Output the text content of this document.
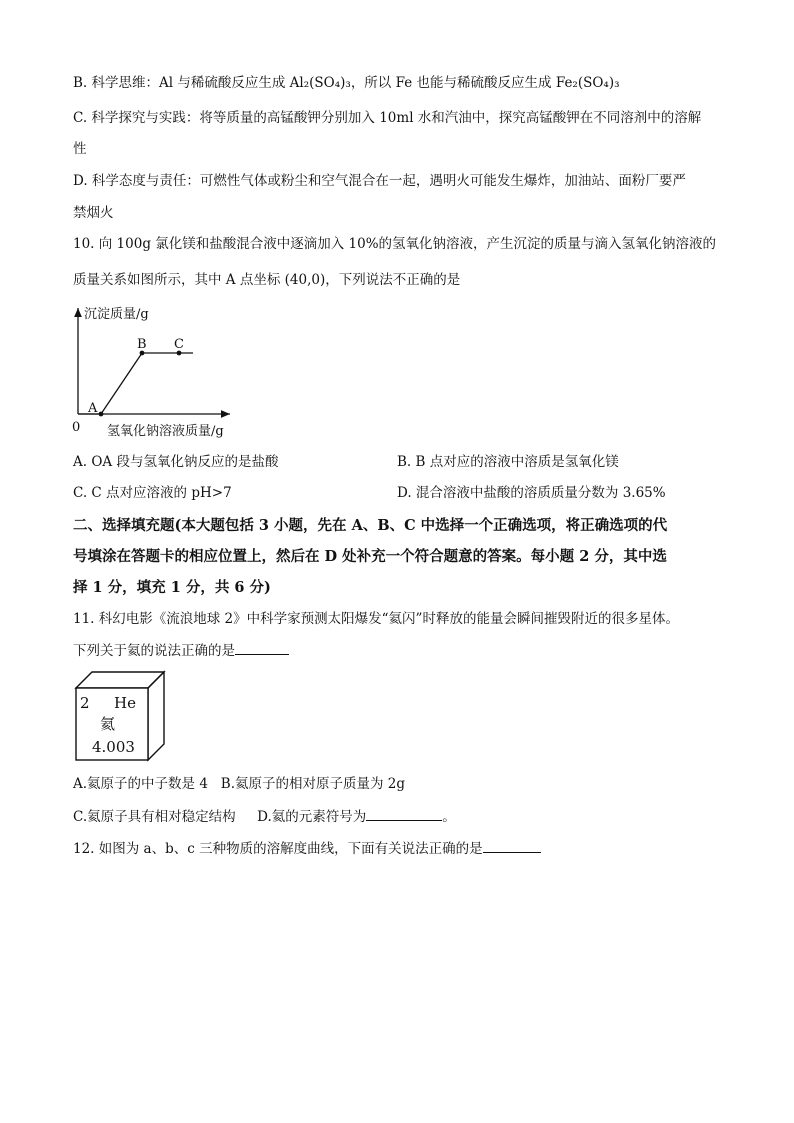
B. 科学思维：Al 与稀硫酸反应生成 Al₂(SO₄)₃，所以 Fe 也能与稀硫酸反应生成 Fe₂(SO₄)₃
C. 科学探究与实践：将等质量的高锰酸钾分别加入 10ml 水和汽油中，探究高锰酸钾在不同溶剂中的溶解
性
D. 科学态度与责任：可燃性气体或粉尘和空气混合在一起，遇明火可能发生爆炸，加油站、面粉厂要严
禁烟火
10. 向 100g 氯化镁和盐酸混合液中逐滴加入 10%的氢氧化钠溶液，产生沉淀的质量与滴入氢氧化钠溶液的
质量关系如图所示，其中 A 点坐标 (40,0)，下列说法不正确的是
沉淀质量/g
氢氧化钠溶液质量/g
0
A
B C
A. OA 段与氢氧化钠反应的是盐酸	B. B 点对应的溶液中溶质是氢氧化镁
C. C 点对应溶液的 pH>7	D. 混合溶液中盐酸的溶质质量分数为 3.65%
二、选择填充题(本大题包括 3 小题，先在 A、B、C 中选择一个正确选项，将正确选项的代
号填涂在答题卡的相应位置上，然后在 D 处补充一个符合题意的答案。每小题 2 分，其中选
择 1 分，填充 1 分，共 6 分)
11. 科幻电影《流浪地球 2》中科学家预测太阳爆发“氦闪”时释放的能量会瞬间摧毁附近的很多星体。
下列关于氦的说法正确的是
2 He
氦
4.003
A.氦原子的中子数是 4 B.氦原子的相对原子质量为 2g
C.氦原子具有相对稳定结构 D.氦的元素符号为	。
12. 如图为 a、b、c 三种物质的溶解度曲线，下面有关说法正确的是
